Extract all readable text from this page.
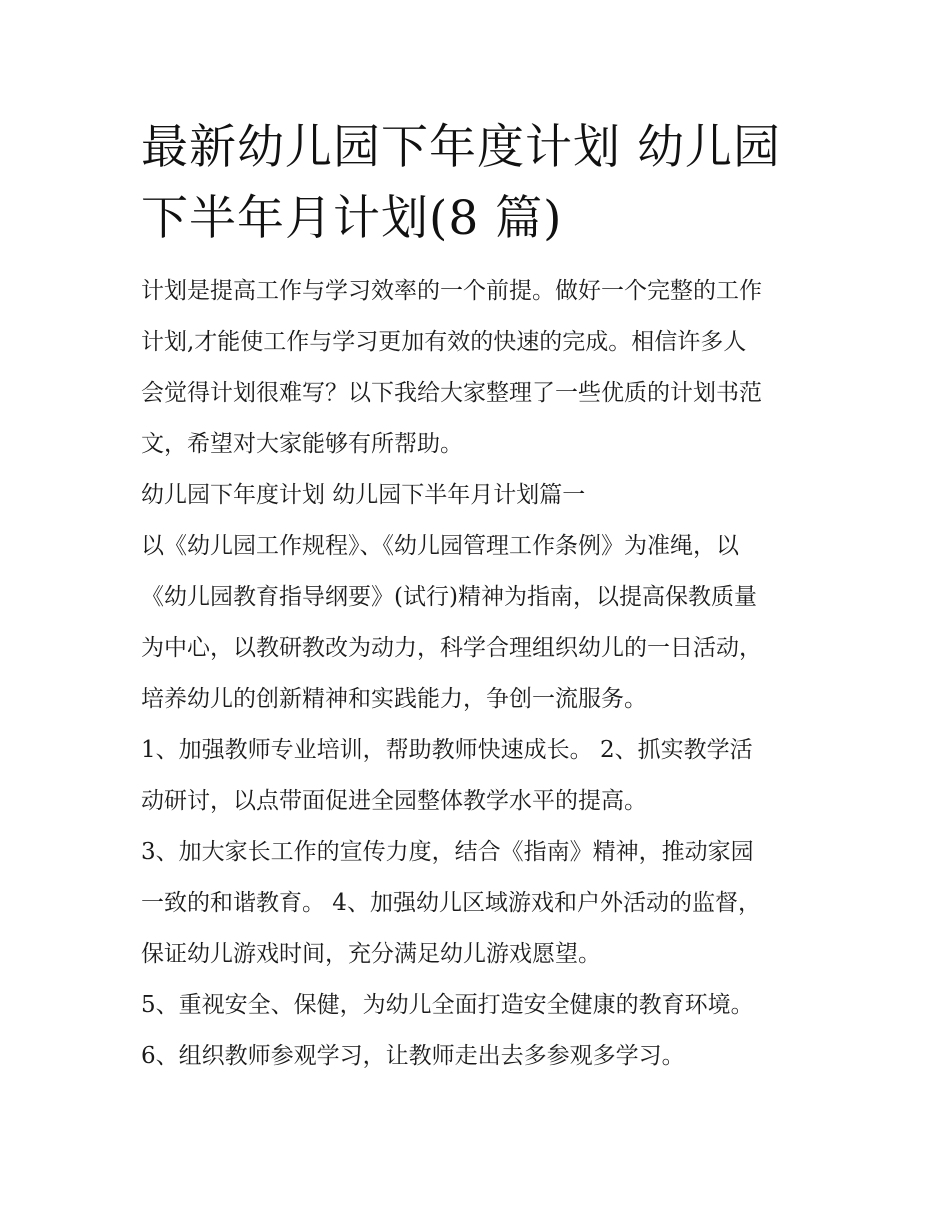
最新幼儿园下年度计划 幼儿园
下半年月计划(8 篇)

计划是提高工作与学习效率的一个前提。做好一个完整的工作
计划,才能使工作与学习更加有效的快速的完成。相信许多人
会觉得计划很难写？以下我给大家整理了一些优质的计划书范
文，希望对大家能够有所帮助。

幼儿园下年度计划 幼儿园下半年月计划篇一

以《幼儿园工作规程》、《幼儿园管理工作条例》为准绳，以
《幼儿园教育指导纲要》(试行)精神为指南，以提高保教质量
为中心，以教研教改为动力，科学合理组织幼儿的一日活动，
培养幼儿的创新精神和实践能力，争创一流服务。

1、加强教师专业培训，帮助教师快速成长。 2、抓实教学活
动研讨，以点带面促进全园整体教学水平的提高。

3、加大家长工作的宣传力度，结合《指南》精神，推动家园
一致的和谐教育。 4、加强幼儿区域游戏和户外活动的监督，
保证幼儿游戏时间，充分满足幼儿游戏愿望。

5、重视安全、保健，为幼儿全面打造安全健康的教育环境。

6、组织教师参观学习，让教师走出去多参观多学习。
